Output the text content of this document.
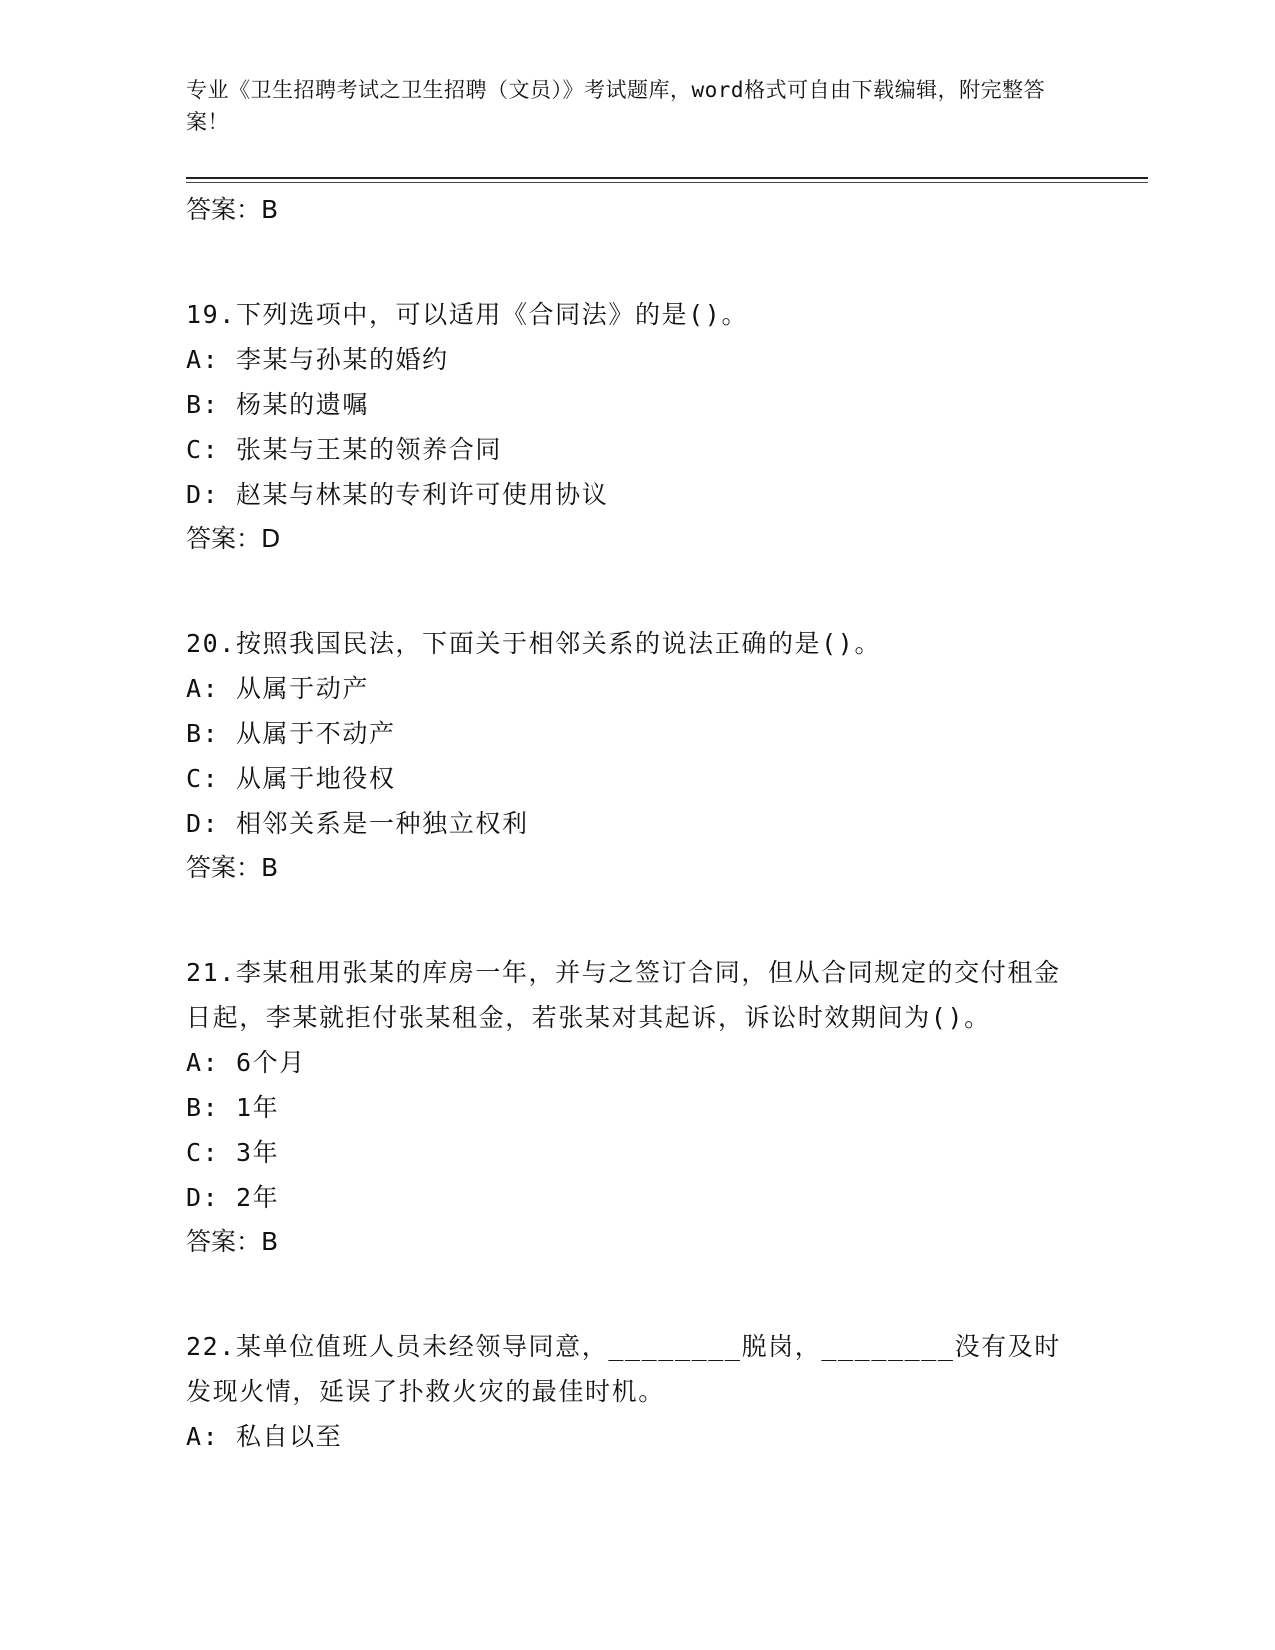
专业《卫生招聘考试之卫生招聘（文员）》考试题库，word格式可自由下载编辑，附完整答案！

答案：B

19.下列选项中，可以适用《合同法》的是()。

A: 李某与孙某的婚约

B: 杨某的遗嘱

C: 张某与王某的领养合同

D: 赵某与林某的专利许可使用协议

答案：D

20.按照我国民法，下面关于相邻关系的说法正确的是()。

A: 从属于动产

B: 从属于不动产

C: 从属于地役权

D: 相邻关系是一种独立权利

答案：B

21.李某租用张某的库房一年，并与之签订合同，但从合同规定的交付租金日起，李某就拒付张某租金，若张某对其起诉，诉讼时效期间为()。

A: 6个月

B: 1年

C: 3年

D: 2年

答案：B

22.某单位值班人员未经领导同意，________脱岗，________没有及时发现火情，延误了扑救火灾的最佳时机。

A: 私自以至
